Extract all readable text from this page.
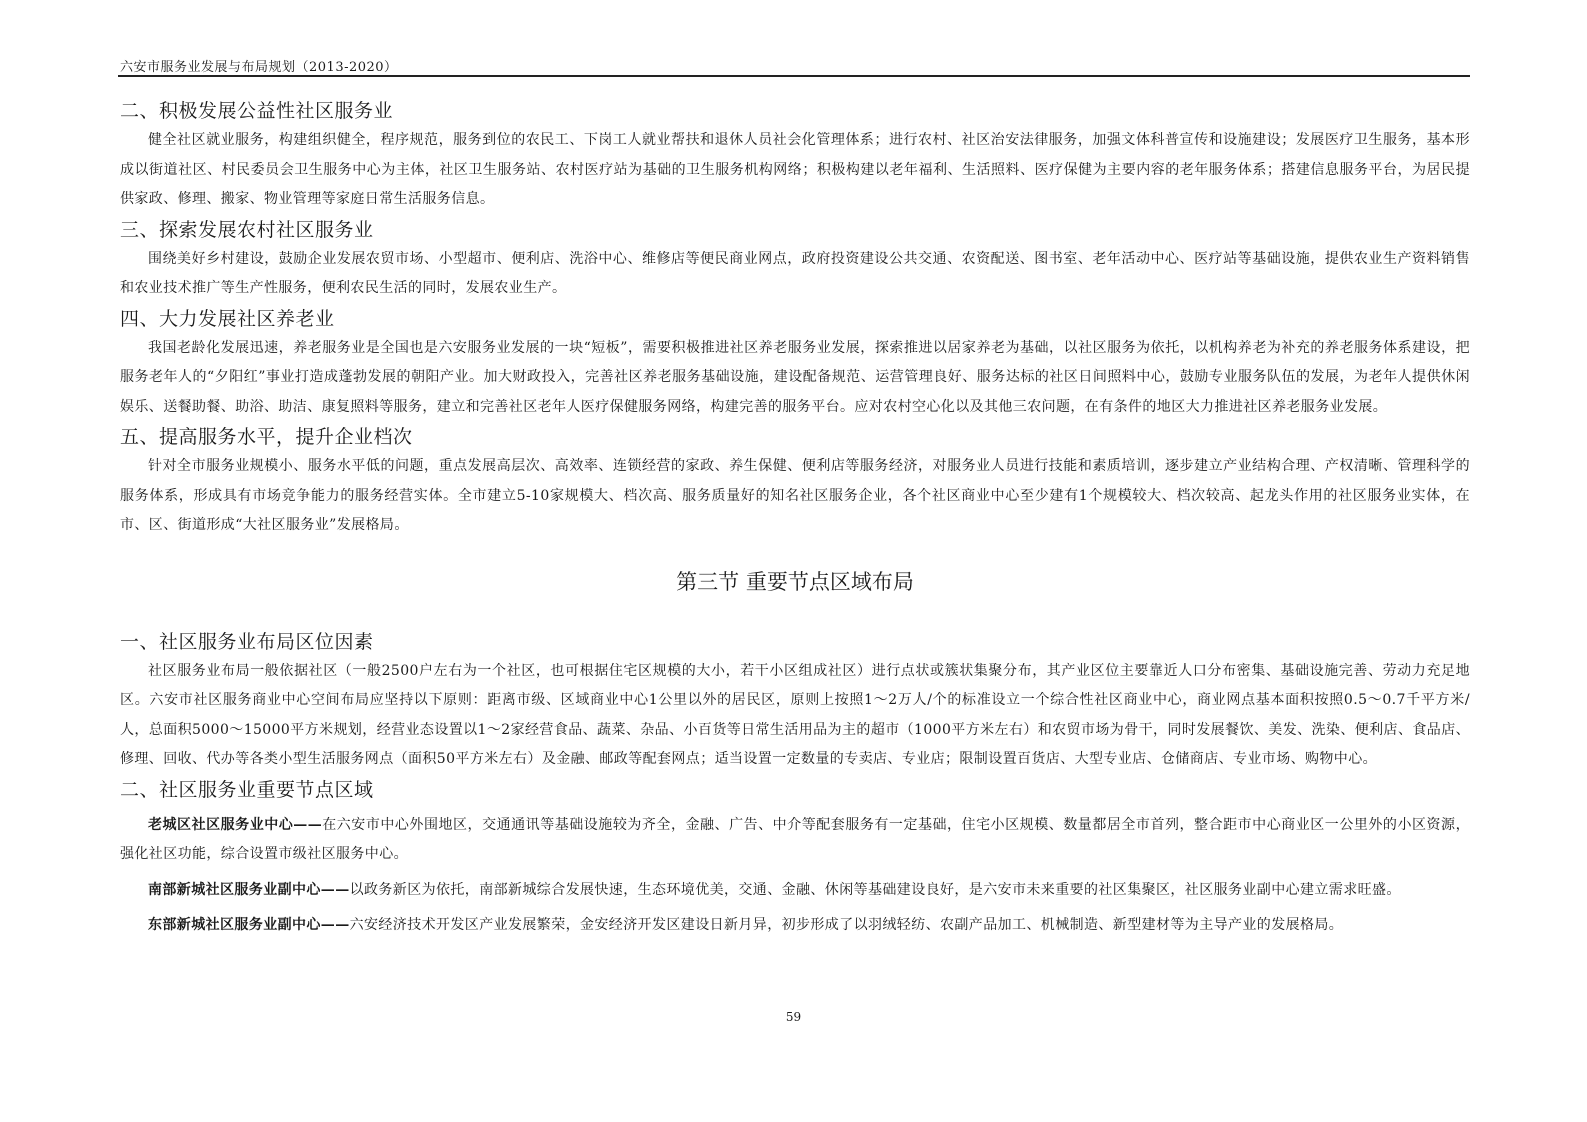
六安市服务业发展与布局规划（2013-2020）
二、积极发展公益性社区服务业

健全社区就业服务，构建组织健全，程序规范，服务到位的农民工、下岗工人就业帮扶和退休人员社会化管理体系；进行农村、社区治安法律服务，加强文体科普宣传和设施建设；发展医疗卫生服务，基本形成以街道社区、村民委员会卫生服务中心为主体，社区卫生服务站、农村医疗站为基础的卫生服务机构网络；积极构建以老年福利、生活照料、医疗保健为主要内容的老年服务体系；搭建信息服务平台，为居民提供家政、修理、搬家、物业管理等家庭日常生活服务信息。

三、探索发展农村社区服务业

围绕美好乡村建设，鼓励企业发展农贸市场、小型超市、便利店、洗浴中心、维修店等便民商业网点，政府投资建设公共交通、农资配送、图书室、老年活动中心、医疗站等基础设施，提供农业生产资料销售和农业技术推广等生产性服务，便利农民生活的同时，发展农业生产。

四、大力发展社区养老业

我国老龄化发展迅速，养老服务业是全国也是六安服务业发展的一块“短板”，需要积极推进社区养老服务业发展，探索推进以居家养老为基础，以社区服务为依托，以机构养老为补充的养老服务体系建设，把服务老年人的“夕阳红”事业打造成蓬勃发展的朝阳产业。加大财政投入，完善社区养老服务基础设施，建设配备规范、运营管理良好、服务达标的社区日间照料中心，鼓励专业服务队伍的发展，为老年人提供休闲娱乐、送餐助餐、助浴、助洁、康复照料等服务，建立和完善社区老年人医疗保健服务网络，构建完善的服务平台。应对农村空心化以及其他三农问题，在有条件的地区大力推进社区养老服务业发展。

五、提高服务水平，提升企业档次

针对全市服务业规模小、服务水平低的问题，重点发展高层次、高效率、连锁经营的家政、养生保健、便利店等服务经济，对服务业人员进行技能和素质培训，逐步建立产业结构合理、产权清晰、管理科学的服务体系，形成具有市场竞争能力的服务经营实体。全市建立5-10家规模大、档次高、服务质量好的知名社区服务企业，各个社区商业中心至少建有1个规模较大、档次较高、起龙头作用的社区服务业实体，在市、区、街道形成“大社区服务业”发展格局。

第三节 重要节点区域布局
一、社区服务业布局区位因素

社区服务业布局一般依据社区（一般2500户左右为一个社区，也可根据住宅区规模的大小，若干小区组成社区）进行点状或簇状集聚分布，其产业区位主要靠近人口分布密集、基础设施完善、劳动力充足地区。六安市社区服务商业中心空间布局应坚持以下原则：距离市级、区域商业中心1公里以外的居民区，原则上按照1～2万人/个的标准设立一个综合性社区商业中心，商业网点基本面积按照0.5～0.7千平方米/人，总面积5000～15000平方米规划，经营业态设置以1～2家经营食品、蔬菜、杂品、小百货等日常生活用品为主的超市（1000平方米左右）和农贸市场为骨干，同时发展餐饮、美发、洗染、便利店、食品店、修理、回收、代办等各类小型生活服务网点（面积50平方米左右）及金融、邮政等配套网点；适当设置一定数量的专卖店、专业店；限制设置百货店、大型专业店、仓储商店、专业市场、购物中心。

二、社区服务业重要节点区域

老城区社区服务业中心——在六安市中心外围地区，交通通讯等基础设施较为齐全，金融、广告、中介等配套服务有一定基础，住宅小区规模、数量都居全市首列，整合距市中心商业区一公里外的小区资源，强化社区功能，综合设置市级社区服务中心。

南部新城社区服务业副中心——以政务新区为依托，南部新城综合发展快速，生态环境优美，交通、金融、休闲等基础建设良好，是六安市未来重要的社区集聚区，社区服务业副中心建立需求旺盛。

东部新城社区服务业副中心——六安经济技术开发区产业发展繁荣，金安经济开发区建设日新月异，初步形成了以羽绒轻纺、农副产品加工、机械制造、新型建材等为主导产业的发展格局。

59
